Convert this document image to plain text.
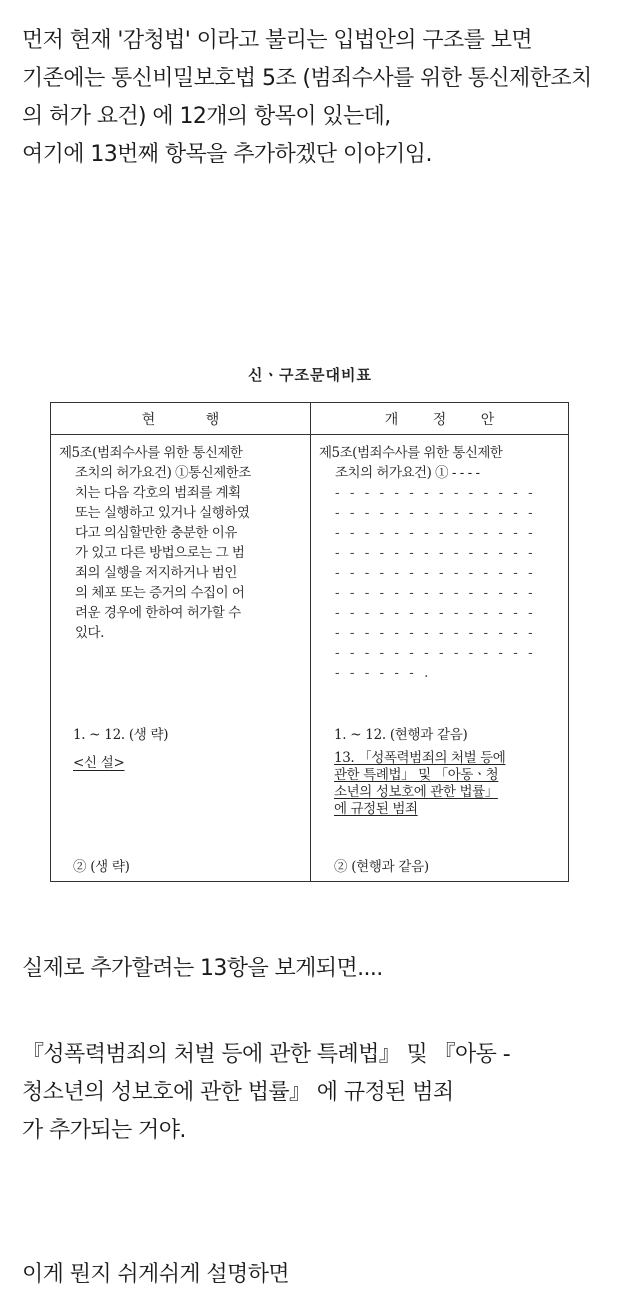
먼저 현재 '감청법' 이라고 불리는 입법안의 구조를 보면
기존에는 통신비밀보호법 5조 (범죄수사를 위한 통신제한조치
의 허가 요건) 에 12개의 항목이 있는데,
여기에 13번째 항목을 추가하겠단 이야기임.
신ㆍ구조문대비표
현 행	개 정 안
제5조(범죄수사를 위한 통신제한
조치의 허가요건) ①통신제한조
치는 다음 각호의 범죄를 계획
또는 실행하고 있거나 실행하였
다고 의심할만한 충분한 이유
가 있고 다른 방법으로는 그 범
죄의 실행을 저지하거나 범인
의 체포 또는 증거의 수집이 어
려운 경우에 한하여 허가할 수
있다.
제5조(범죄수사를 위한 통신제한
조치의 허가요건) ① - - - -
- - - - - - - - - - - - - -
- - - - - - - - - - - - - -
- - - - - - - - - - - - - -
- - - - - - - - - - - - - -
- - - - - - - - - - - - - -
- - - - - - - - - - - - - -
- - - - - - - - - - - - - -
- - - - - - - - - - - - - -
- - - - - - - - - - - - - -
- - - - - - .
1. ~ 12. (생 략)
<신 설>
② (생 략)
1. ~ 12. (현행과 같음)
13. 「성폭력범죄의 처벌 등에
관한 특례법」 및 「아동ㆍ청
소년의 성보호에 관한 법률」
에 규정된 범죄
② (현행과 같음)

실제로 추가할려는 13항을 보게되면....

『성폭력범죄의 처벌 등에 관한 특례법』 및 『아동 -
청소년의 성보호에 관한 법률』 에 규정된 범죄
가 추가되는 거야.

이게 뭔지 쉬게쉬게 설명하면
